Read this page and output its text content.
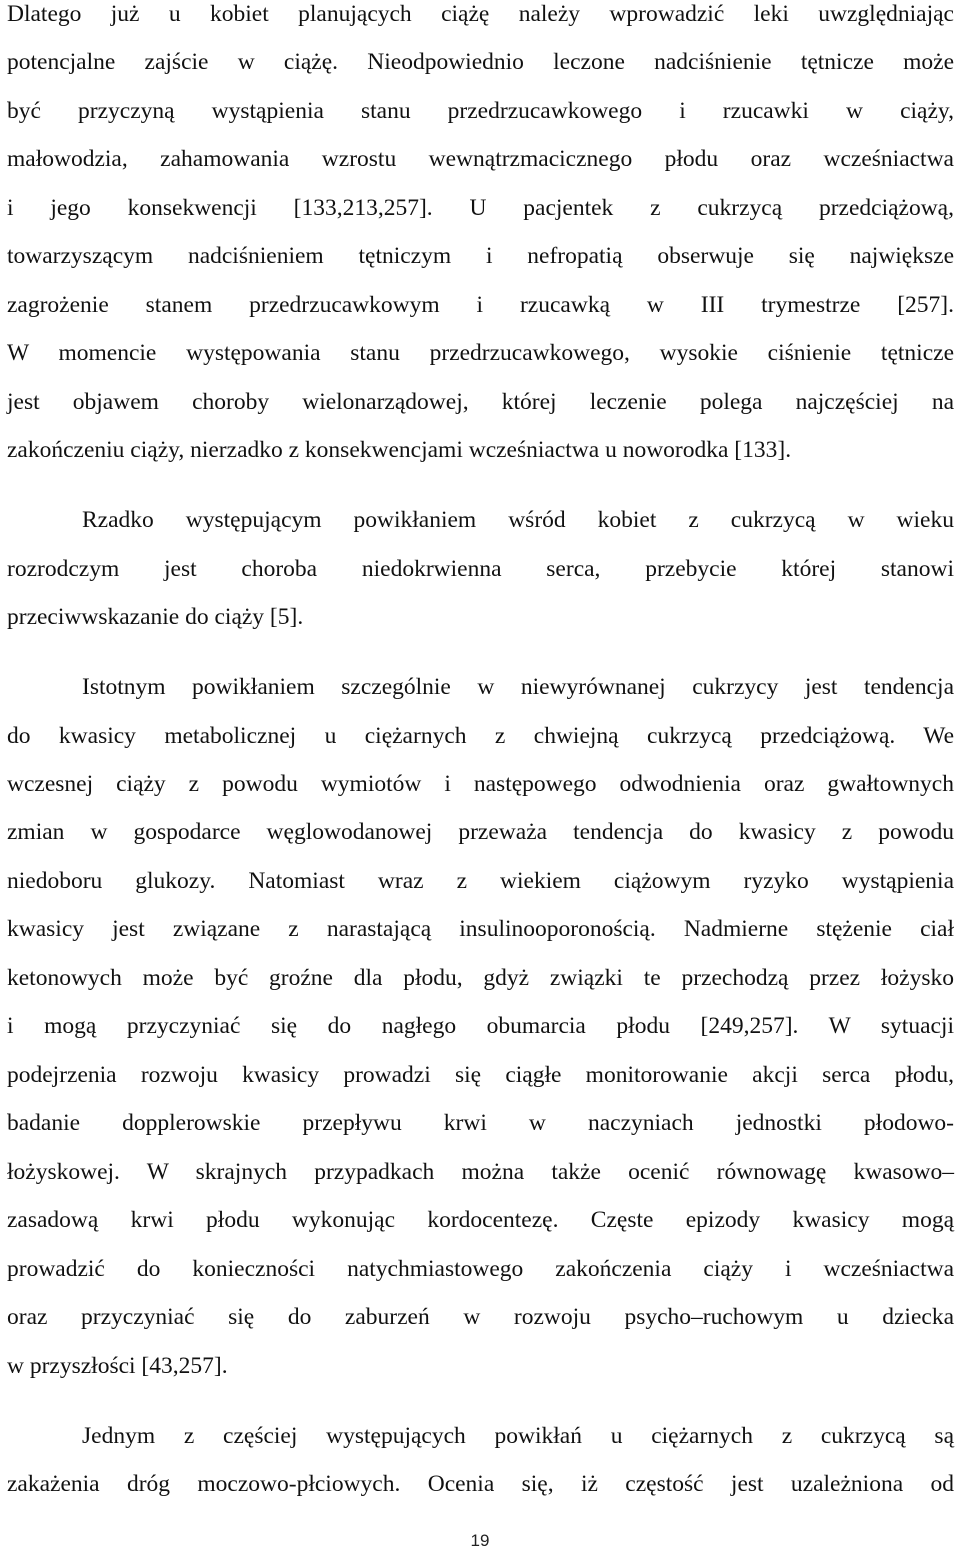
Dlatego już u kobiet planujących ciążę należy wprowadzić leki uwzględniając
potencjalne zajście w ciążę. Nieodpowiednio leczone nadciśnienie tętnicze może
być przyczyną wystąpienia stanu przedrzucawkowego i rzucawki w ciąży,
małowodzia, zahamowania wzrostu wewnątrzmacicznego płodu oraz wcześniactwa
i jego konsekwencji [133,213,257]. U pacjentek z cukrzycą przedciążową,
towarzyszącym nadciśnieniem tętniczym i nefropatią obserwuje się największe
zagrożenie stanem przedrzucawkowym i rzucawką w III trymestrze [257].
W momencie występowania stanu przedrzucawkowego, wysokie ciśnienie tętnicze
jest objawem choroby wielonarządowej, której leczenie polega najczęściej na
zakończeniu ciąży, nierzadko z konsekwencjami wcześniactwa u noworodka [133].
Rzadko występującym powikłaniem wśród kobiet z cukrzycą w wieku
rozrodczym jest choroba niedokrwienna serca, przebycie której stanowi
przeciwwskazanie do ciąży [5].
Istotnym powikłaniem szczególnie w niewyrównanej cukrzycy jest tendencja
do kwasicy metabolicznej u ciężarnych z chwiejną cukrzycą przedciążową. We
wczesnej ciąży z powodu wymiotów i następowego odwodnienia oraz gwałtownych
zmian w gospodarce węglowodanowej przeważa tendencja do kwasicy z powodu
niedoboru glukozy. Natomiast wraz z wiekiem ciążowym ryzyko wystąpienia
kwasicy jest związane z narastającą insulinooporonością. Nadmierne stężenie ciał
ketonowych może być groźne dla płodu, gdyż związki te przechodzą przez łożysko
i mogą przyczyniać się do nagłego obumarcia płodu [249,257]. W sytuacji
podejrzenia rozwoju kwasicy prowadzi się ciągłe monitorowanie akcji serca płodu,
badanie dopplerowskie przepływu krwi w naczyniach jednostki płodowo-
łożyskowej. W skrajnych przypadkach można także ocenić równowagę kwasowo–
zasadową krwi płodu wykonując kordocentezę. Częste epizody kwasicy mogą
prowadzić do konieczności natychmiastowego zakończenia ciąży i wcześniactwa
oraz przyczyniać się do zaburzeń w rozwoju psycho–ruchowym u dziecka
w przyszłości [43,257].
Jednym z częściej występujących powikłań u ciężarnych z cukrzycą są
zakażenia dróg moczowo-płciowych. Ocenia się, iż częstość jest uzależniona od
19
